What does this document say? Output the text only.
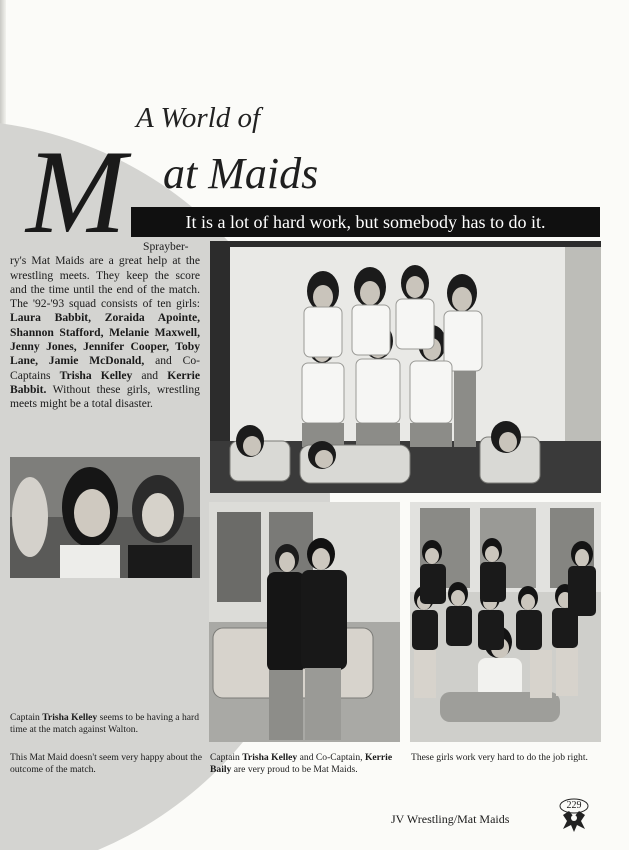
A World of
M at Maids
It is a lot of hard work, but somebody has to do it.

Sprayber-ry's Mat Maids are a great help at the wrestling meets. They keep the score and the time until the end of the match. The '92-'93 squad consists of ten girls: Laura Babbit, Zoraida Apointe, Shannon Stafford, Melanie Maxwell, Jenny Jones, Jennifer Cooper, Toby Lane, Jamie McDonald, and Co-Captains Trisha Kelley and Kerrie Babbit. Without these girls, wrestling meets might be a total disaster.

Captain Trisha Kelley seems to be having a hard time at the match against Walton.
This Mat Maid doesn't seem very happy about the outcome of the match.
Captain Trisha Kelley and Co-Captain, Kerrie Baily are very proud to be Mat Maids.
These girls work very hard to do the job right.
JV Wrestling/Mat Maids
229
